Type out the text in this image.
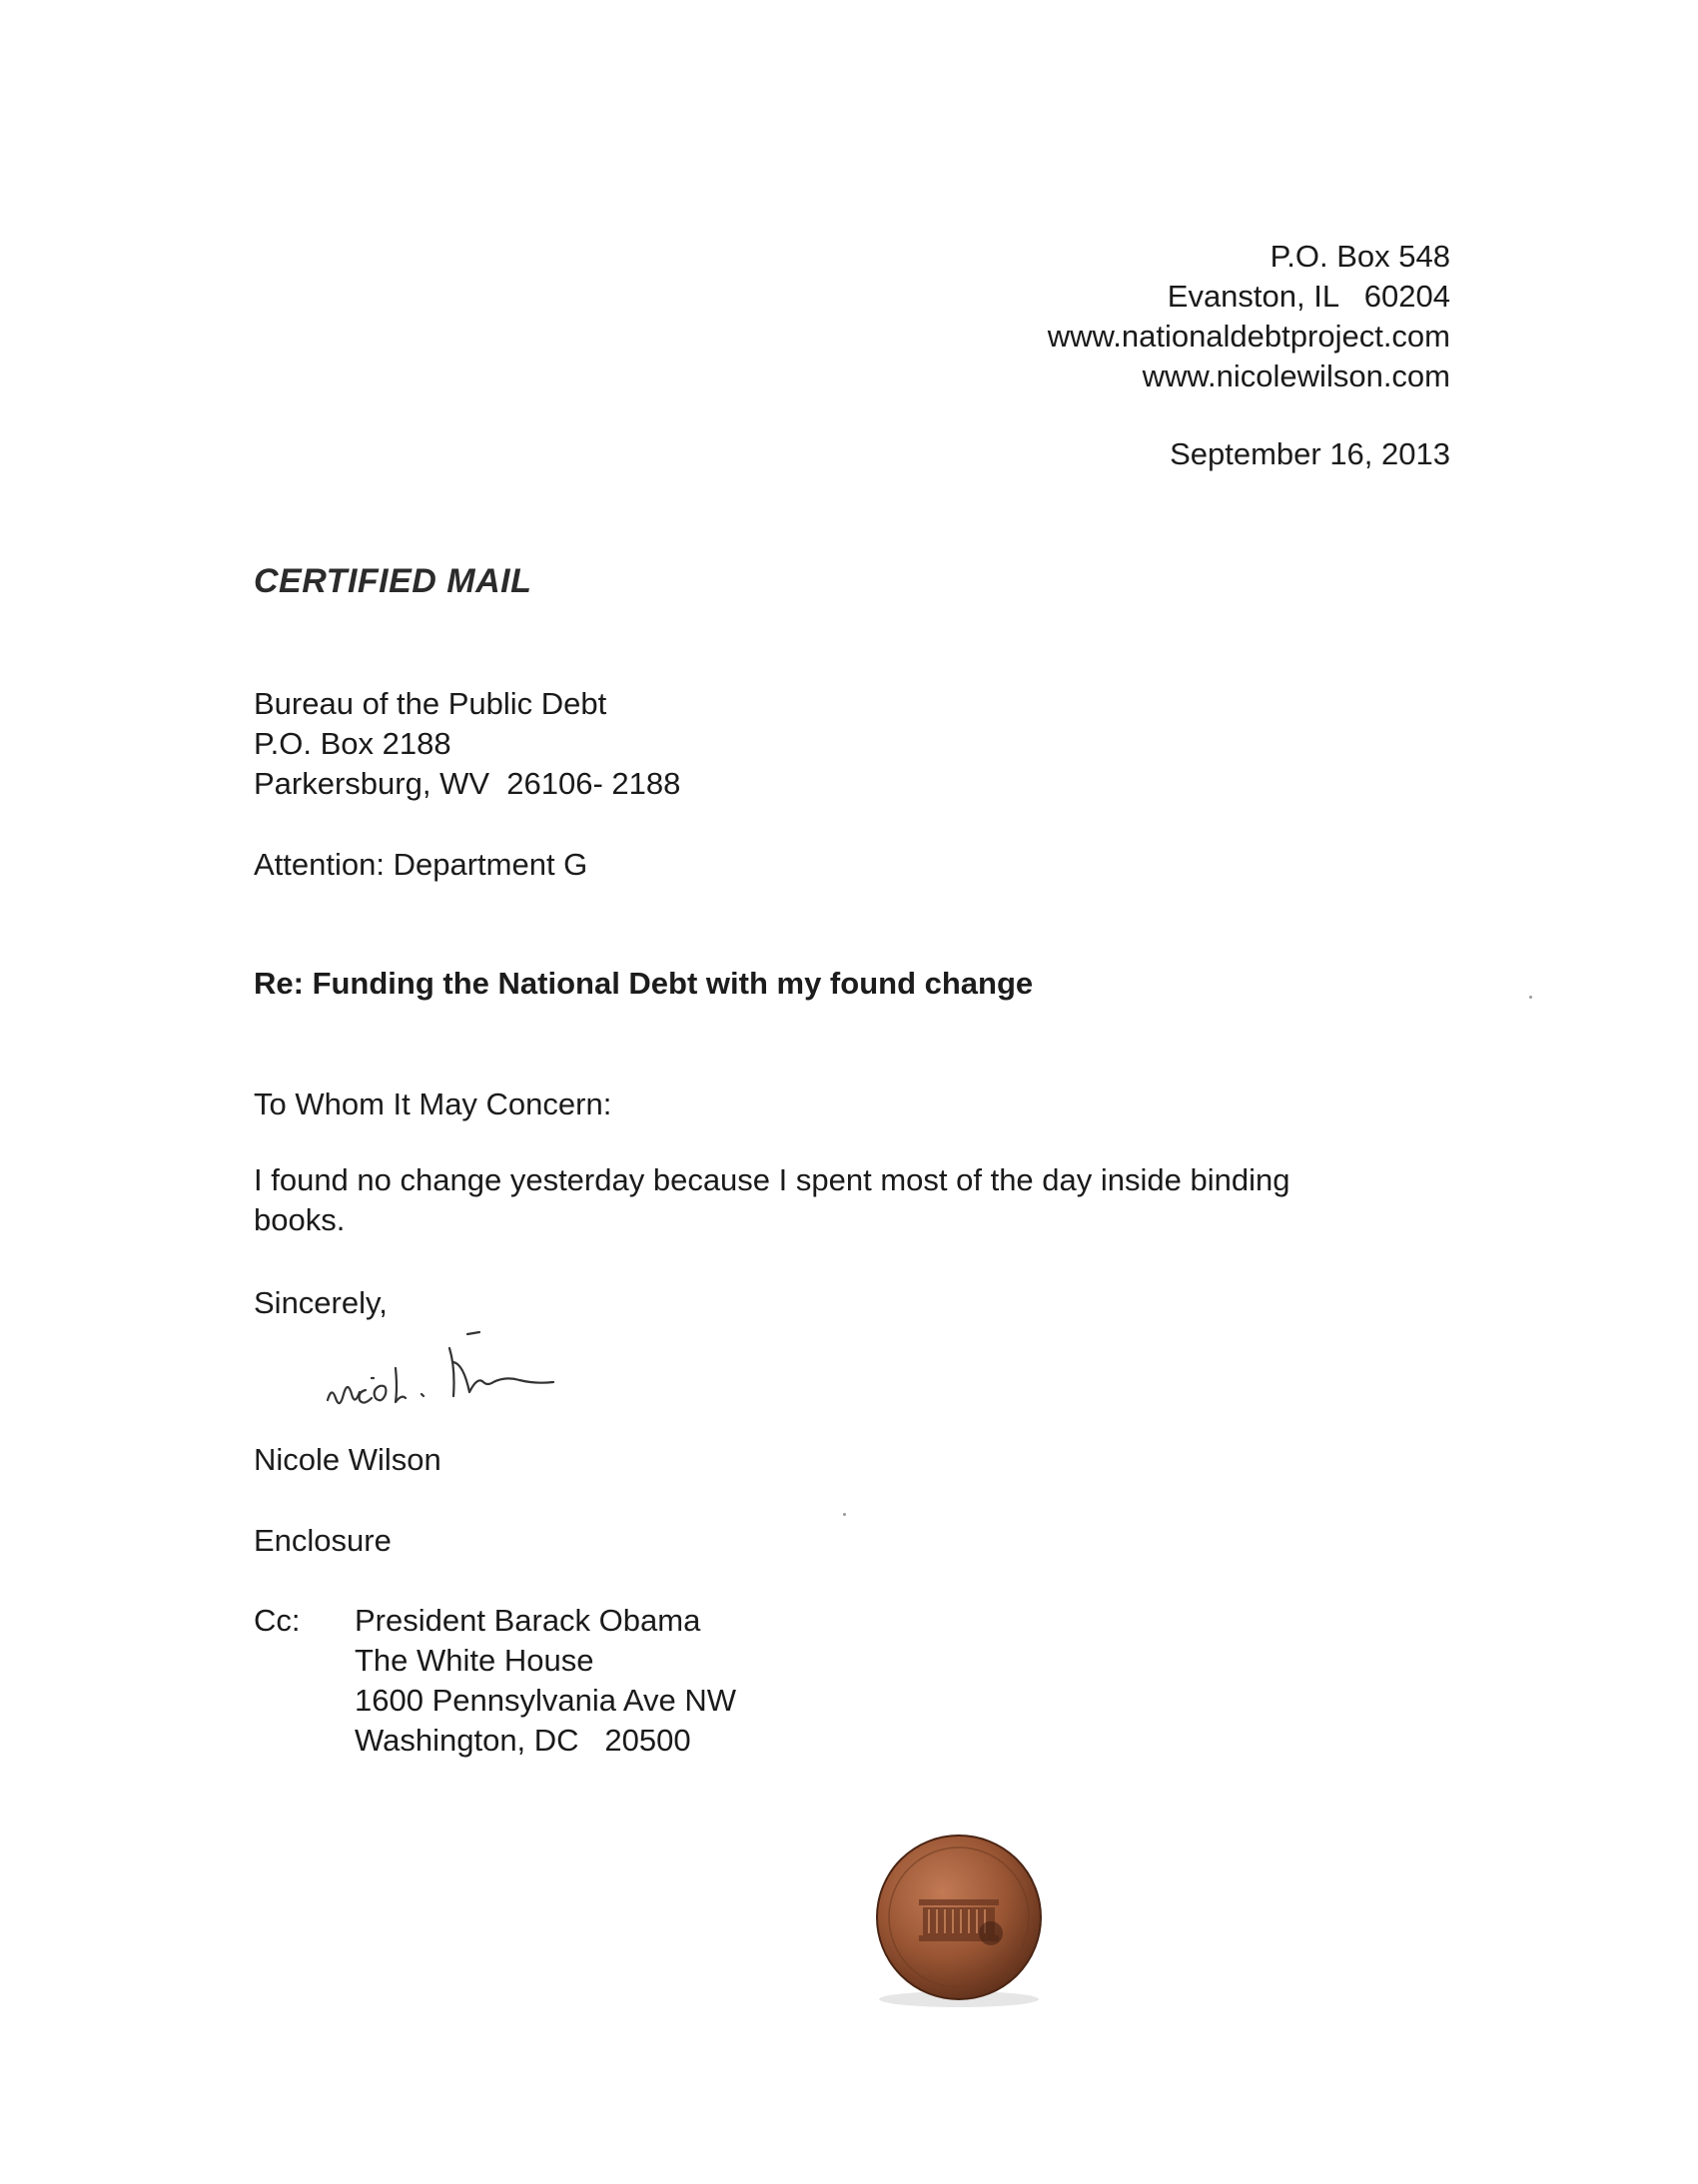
P.O. Box 548
Evanston, IL   60204
www.nationaldebtproject.com
www.nicolewilson.com
September 16, 2013
CERTIFIED MAIL
Bureau of the Public Debt
P.O. Box 2188
Parkersburg, WV  26106- 2188
Attention: Department G
Re: Funding the National Debt with my found change
To Whom It May Concern:
I found no change yesterday because I spent most of the day inside binding books.
Sincerely,
Nicole Wilson
Enclosure
Cc: President Barack Obama
The White House
1600 Pennsylvania Ave NW
Washington, DC   20500
